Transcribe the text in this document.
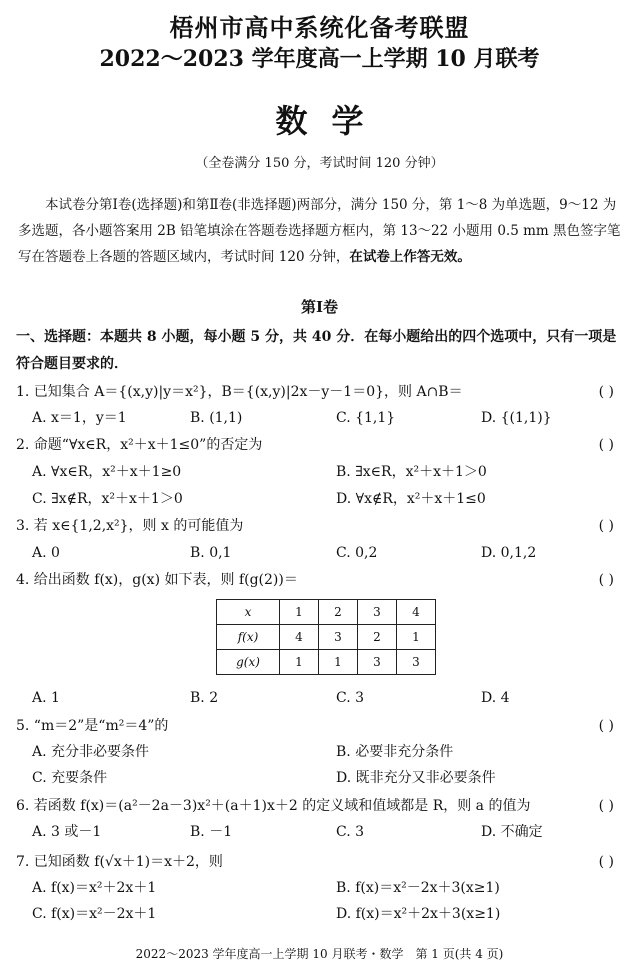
梧州市高中系统化备考联盟
2022～2023 学年度高一上学期 10 月联考
数学
（全卷满分 150 分，考试时间 120 分钟）
本试卷分第Ⅰ卷(选择题)和第Ⅱ卷(非选择题)两部分，满分 150 分，第 1～8 为单选题，9～12 为多选题，各小题答案用 2B 铅笔填涂在答题卷选择题方框内，第 13～22 小题用 0.5 mm 黑色签字笔写在答题卷上各题的答题区域内，考试时间 120 分钟，在试卷上作答无效。
第Ⅰ卷
一、选择题：本题共 8 小题，每小题 5 分，共 40 分．在每小题给出的四个选项中，只有一项是符合题目要求的．
1. 已知集合 A＝{(x,y)|y＝x²}，B＝{(x,y)|2x－y－1＝0}，则 A∩B＝	( )
A. x＝1，y＝1	B. (1,1)	C. {1,1}	D. {(1,1)}
2. 命题“∀x∈R，x²＋x＋1≤0”的否定为	( )
A. ∀x∈R，x²＋x＋1≥0	B. ∃x∈R，x²＋x＋1＞0
C. ∃x∉R，x²＋x＋1＞0	D. ∀x∉R，x²＋x＋1≤0
3. 若 x∈{1,2,x²}，则 x 的可能值为	( )
A. 0	B. 0,1	C. 0,2	D. 0,1,2
4. 给出函数 f(x)，g(x) 如下表，则 f(g(2))＝	( )
x	1	2	3	4
f(x)	4	3	2	1
g(x)	1	1	3	3
A. 1	B. 2	C. 3	D. 4
5. “m＝2”是“m²＝4”的	( )
A. 充分非必要条件	B. 必要非充分条件
C. 充要条件	D. 既非充分又非必要条件
6. 若函数 f(x)＝(a²－2a－3)x²＋(a＋1)x＋2 的定义域和值域都是 R，则 a 的值为	( )
A. 3 或－1	B. －1	C. 3	D. 不确定
7. 已知函数 f(√x＋1)＝x＋2，则	( )
A. f(x)＝x²＋2x＋1	B. f(x)＝x²－2x＋3(x≥1)
C. f(x)＝x²－2x＋1	D. f(x)＝x²＋2x＋3(x≥1)
2022～2023 学年度高一上学期 10 月联考・数学　第 1 页(共 4 页)
